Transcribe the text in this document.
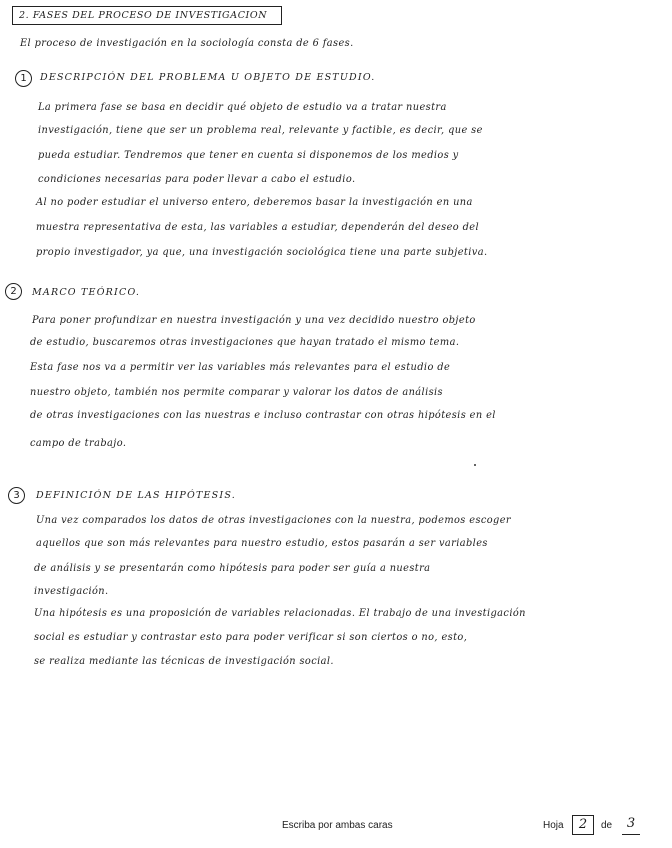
2. FASES DEL PROCESO DE INVESTIGACION
El proceso de investigación en la sociología consta de 6 fases.
1	DESCRIPCIÓN DEL PROBLEMA U OBJETO DE ESTUDIO.
La primera fase se basa en decidir qué objeto de estudio va a tratar nuestra
investigación, tiene que ser un problema real, relevante y factible, es decir, que se
pueda estudiar. Tendremos que tener en cuenta si disponemos de los medios y
condiciones necesarias para poder llevar a cabo el estudio.
Al no poder estudiar el universo entero, deberemos basar la investigación en una
muestra representativa de esta, las variables a estudiar, dependerán del deseo del
propio investigador, ya que, una investigación sociológica tiene una parte subjetiva.
2	MARCO TEÓRICO.
Para poner profundizar en nuestra investigación y una vez decidido nuestro objeto
de estudio, buscaremos otras investigaciones que hayan tratado el mismo tema.
Esta fase nos va a permitir ver las variables más relevantes para el estudio de
nuestro objeto, también nos permite comparar y valorar los datos de análisis
de otras investigaciones con las nuestras e incluso contrastar con otras hipótesis en el
campo de trabajo.
3	DEFINICIÓN DE LAS HIPÓTESIS.
Una vez comparados los datos de otras investigaciones con la nuestra, podemos escoger
aquellos que son más relevantes para nuestro estudio, estos pasarán a ser variables
de análisis y se presentarán como hipótesis para poder ser guía a nuestra
investigación.
Una hipótesis es una proposición de variables relacionadas. El trabajo de una investigación
social es estudiar y contrastar esto para poder verificar si son ciertos o no, esto,
se realiza mediante las técnicas de investigación social.
Escriba por ambas caras	Hoja	2	de	3
